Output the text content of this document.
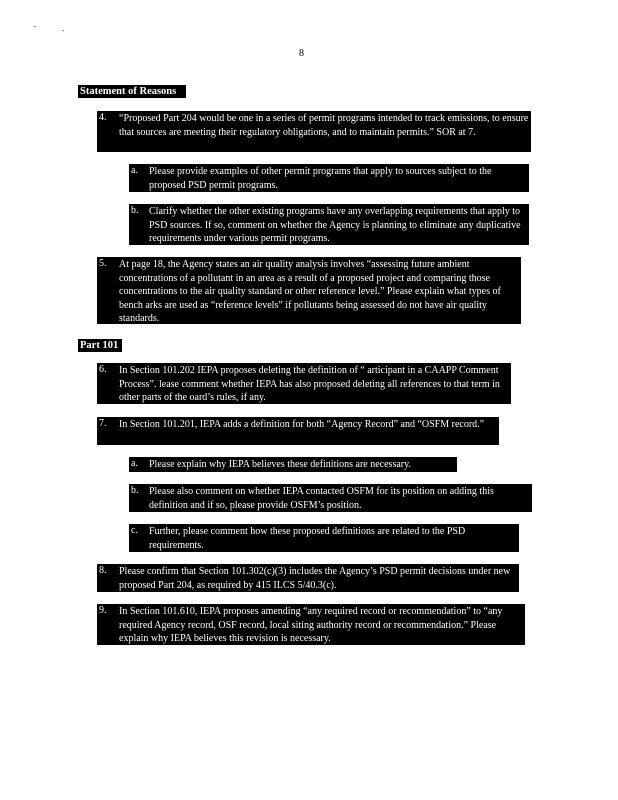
8
Statement of Reasons
4.	“Proposed Part 204 would be one in a series of permit programs intended to track emissions, to ensure that sources are meeting their regulatory obligations, and to maintain permits.” SOR at 7.
a.	Please provide examples of other permit programs that apply to sources subject to the proposed PSD permit programs.
b.	Clarify whether the other existing programs have any overlapping requirements that apply to PSD sources. If so, comment on whether the Agency is planning to eliminate any duplicative requirements under various permit programs.
5.	At page 18, the Agency states an air quality analysis involves “assessing future ambient concentrations of a pollutant in an area as a result of a proposed project and comparing those concentrations to the air quality standard or other reference level.” Please explain what types of bench arks are used as “reference levels” if pollutants being assessed do not have air quality standards.
Part 101
6.	In Section 101.202 IEPA proposes deleting the definition of “ articipant in a CAAPP Comment Process”. lease comment whether IEPA has also proposed deleting all references to that term in other parts of the oard’s rules, if any.
7.	In Section 101.201, IEPA adds a definition for both “Agency Record” and “OSFM record.”
a.	Please explain why IEPA believes these definitions are necessary.
b.	Please also comment on whether IEPA contacted OSFM for its position on adding this definition and if so, please provide OSFM’s position.
c.	Further, please comment how these proposed definitions are related to the PSD requirements.
8.	Please confirm that Section 101.302(c)(3) includes the Agency’s PSD permit decisions under new proposed Part 204, as required by 415 ILCS 5/40.3(c).
9.	In Section 101.610, IEPA proposes amending “any required record or recommendation” to “any required Agency record, OSF record, local siting authority record or recommendation.” Please explain why IEPA believes this revision is necessary.
